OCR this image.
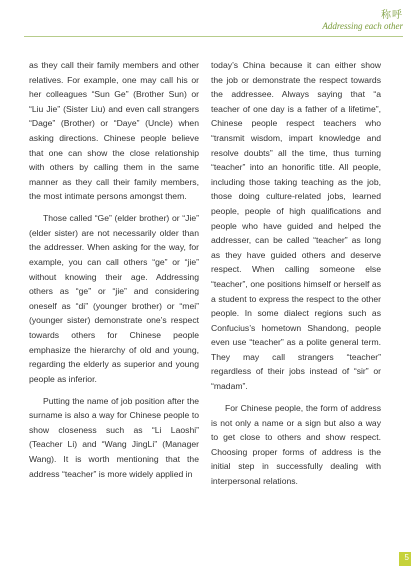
称呼
Addressing each other

as they call their family members and other relatives. For example, one may call his or her colleagues “Sun Ge” (Brother Sun) or “Liu Jie” (Sister Liu) and even call strangers “Dage” (Brother) or “Daye” (Uncle) when asking directions. Chinese people believe that one can show the close relationship with others by calling them in the same manner as they call their family members, the most intimate persons amongst them.

Those called “Ge” (elder brother) or “Jie” (elder sister) are not necessarily older than the addresser. When asking for the way, for example, you can call others “ge” or “jie” without knowing their age. Addressing others as “ge” or “jie” and considering oneself as “di” (younger brother) or “mei” (younger sister) demonstrate one’s respect towards others for Chinese people emphasize the hierarchy of old and young, regarding the elderly as superior and young people as inferior.

Putting the name of job position after the surname is also a way for Chinese people to show closeness such as “Li Laoshi” (Teacher Li) and “Wang JingLi” (Manager Wang). It is worth mentioning that the address “teacher” is more widely applied in

today’s China because it can either show the job or demonstrate the respect towards the addressee. Always saying that “a teacher of one day is a father of a lifetime”, Chinese people respect teachers who “transmit wisdom, impart knowledge and resolve doubts” all the time, thus turning “teacher” into an honorific title. All people, including those taking teaching as the job, those doing culture-related jobs, learned people, people of high qualifications and people who have guided and helped the addresser, can be called “teacher” as long as they have guided others and deserve respect. When calling someone else “teacher”, one positions himself or herself as a student to express the respect to the other people. In some dialect regions such as Confucius’s hometown Shandong, people even use “teacher” as a polite general term. They may call strangers “teacher” regardless of their jobs instead of “sir” or “madam”.

For Chinese people, the form of address is not only a name or a sign but also a way to get close to others and show respect. Choosing proper forms of address is the initial step in successfully dealing with interpersonal relations.

5
